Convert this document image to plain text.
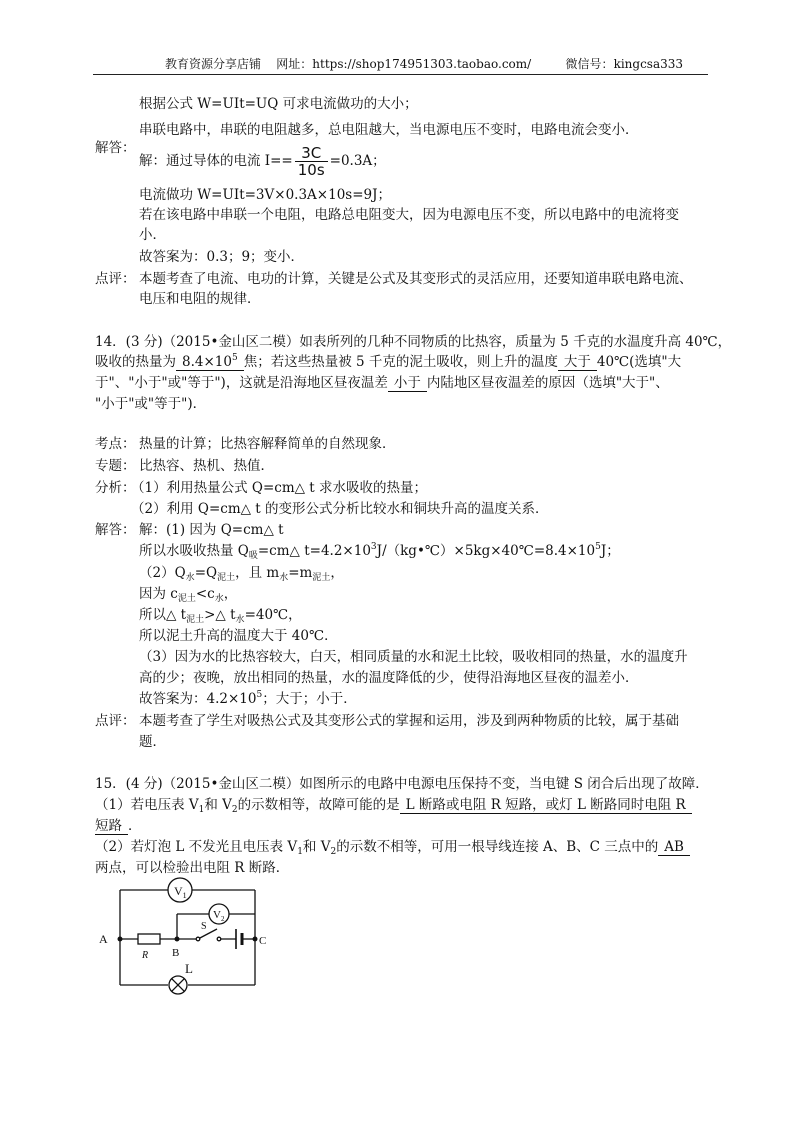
教育资源分享店铺 网址：https://shop174951303.taobao.com/	微信号：kingcsa333
根据公式 W=UIt=UQ 可求电流做功的大小；
串联电路中，串联的电阻越多，总电阻越大，当电源电压不变时，电路电流会变小．
解答：
解：通过导体的电流 $I== \frac{3C}{10s} =0.3A$；
电流做功 W=UIt=3V×0.3A×10s=9J；
若在该电路中串联一个电阻，电路总电阻变大，因为电源电压不变，所以电路中的电流将变
小．
故答案为：0.3；9；变小．
点评： 本题考查了电流、电功的计算，关键是公式及其变形式的灵活应用，还要知道串联电路电流、
电压和电阻的规律．
14．(3 分)（2015•金山区二模）如表所列的几种不同物质的比热容，质量为 5 千克的水温度升高 40℃，
吸收的热量为 $8.4\times 10^5$ 焦；若这些热量被 5 千克的泥土吸收，则上升的温度 大于 40℃(选填"大
于"、"小于"或"等于")，这就是沿海地区昼夜温差 小于 内陆地区昼夜温差的原因（选填"大于"、
"小于"或"等于")．
考点： 热量的计算；比热容解释简单的自然现象．
专题： 比热容、热机、热值．
分析：
（1）利用热量公式 Q=cm△ t 求水吸收的热量；
（2）利用 Q=cm△ t 的变形公式分析比较水和铜块升高的温度关系．
解答： 解：(1) 因为 Q=cm△ t
所以水吸收热量 $Q_吸=cm\triangle$ $t=4.2\times 10^3J/(kg•℃)\times 5kg\times 40℃=8.4\times 10^5J$；
$(2)Q_水=Q_{泥土}$，且 $m_水=m_{泥土}$，
因为 $c_{泥土}<c_水$，
所以△ $t_{泥土}>\triangle$ $t_水=40℃$，
所以泥土升高的温度大于 40℃．
（3）因为水的比热容较大，白天，相同质量的水和泥土比较，吸收相同的热量，水的温度升
高的少；夜晚，放出相同的热量，水的温度降低的少，使得沿海地区昼夜的温差小．
故答案为：$4.2\times 10^5$；大于；小于．
点评： 本题考查了学生对吸热公式及其变形公式的掌握和运用，涉及到两种物质的比较，属于基础
题．
15．(4 分)（2015•金山区二模）如图所示的电路中电源电压保持不变，当电键 S 闭合后出现了故障．
（1）若电压表 $V_1$和 $V_2$的示数相等，故障可能的是 L 断路或电阻 R 短路，或灯 L 断路同时电阻 R
短路 ．
（2）若灯泡 L 不发光且电压表 $V_1$和 $V_2$的示数不相等，可用一根导线连接 A、B、C 三点中的 AB
两点，可以检验出电阻 R 断路．
$V_1$
$V_2$
A
B
C
R
S
L
